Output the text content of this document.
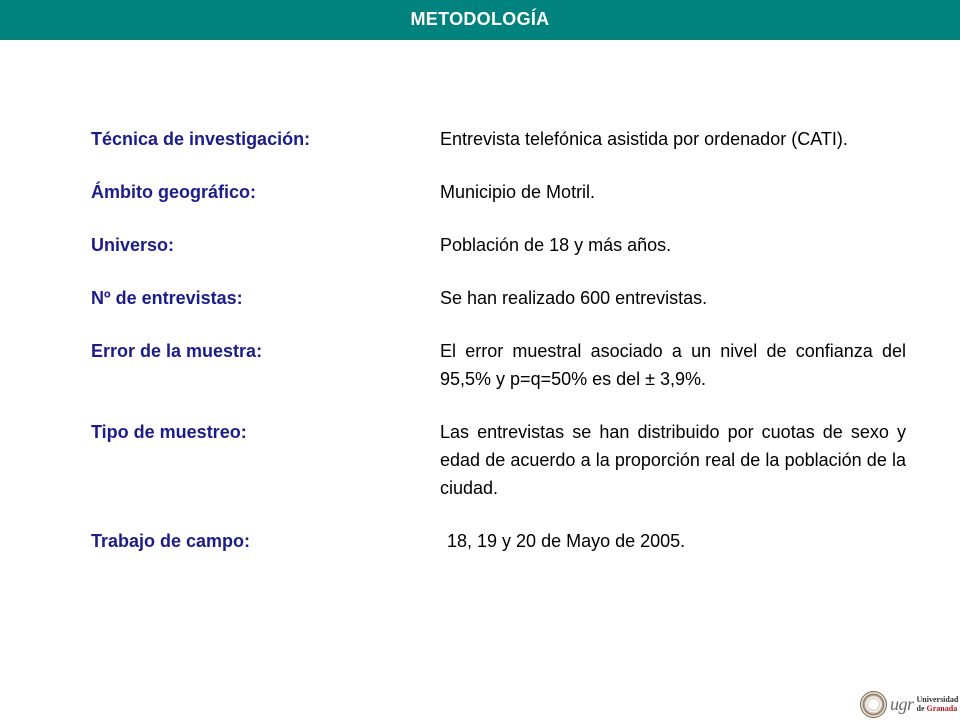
METODOLOGÍA
Técnica de investigación:	Entrevista telefónica asistida por ordenador (CATI).
Ámbito geográfico:	Municipio de Motril.
Universo:	Población de 18 y más años.
Nº de entrevistas:	Se han realizado 600 entrevistas.
Error de la muestra:	El error muestral asociado a un nivel de confianza del 95,5% y p=q=50% es del ± 3,9%.
Tipo de muestreo:	Las entrevistas se han distribuido por cuotas de sexo y edad de acuerdo a la proporción real de la población de la ciudad.
Trabajo de campo:	18, 19 y 20 de Mayo de 2005.
ugr Universidad
de Granada
